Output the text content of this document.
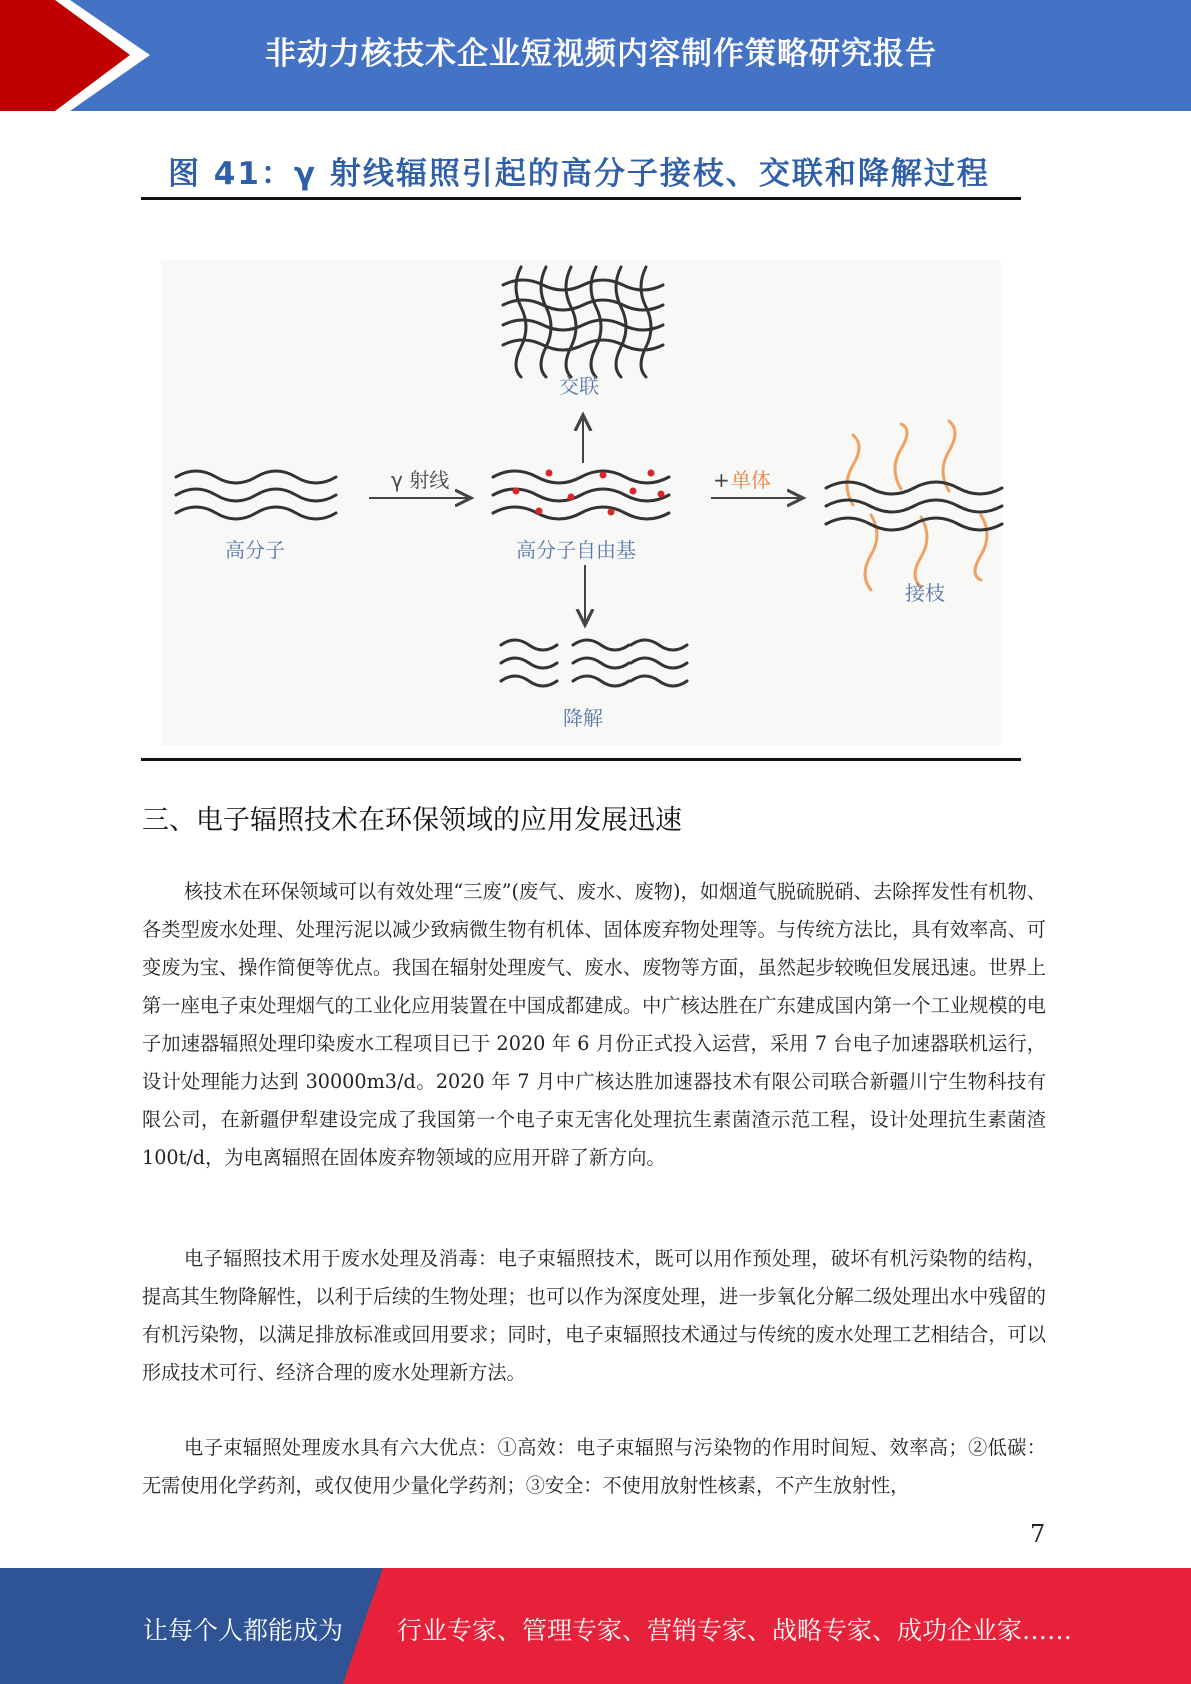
非动力核技术企业短视频内容制作策略研究报告
图 41：γ 射线辐照引起的高分子接枝、交联和降解过程
高分子
γ 射线
高分子自由基
交联
降解
+ 单体
接枝
三、电子辐照技术在环保领域的应用发展迅速

核技术在环保领域可以有效处理“三废”(废气、废水、废物)，如烟道气脱硫脱硝、去除挥发性有机物、各类型废水处理、处理污泥以减少致病微生物有机体、固体废弃物处理等。与传统方法比，具有效率高、可变废为宝、操作简便等优点。我国在辐射处理废气、废水、废物等方面，虽然起步较晚但发展迅速。世界上第一座电子束处理烟气的工业化应用装置在中国成都建成。中广核达胜在广东建成国内第一个工业规模的电子加速器辐照处理印染废水工程项目已于 2020 年 6 月份正式投入运营，采用 7 台电子加速器联机运行，设计处理能力达到 30000m3/d。2020 年 7 月中广核达胜加速器技术有限公司联合新疆川宁生物科技有限公司，在新疆伊犁建设完成了我国第一个电子束无害化处理抗生素菌渣示范工程，设计处理抗生素菌渣 100t/d，为电离辐照在固体废弃物领域的应用开辟了新方向。

电子辐照技术用于废水处理及消毒：电子束辐照技术，既可以用作预处理，破坏有机污染物的结构，提高其生物降解性，以利于后续的生物处理；也可以作为深度处理，进一步氧化分解二级处理出水中残留的有机污染物，以满足排放标准或回用要求；同时，电子束辐照技术通过与传统的废水处理工艺相结合，可以形成技术可行、经济合理的废水处理新方法。

电子束辐照处理废水具有六大优点：①高效：电子束辐照与污染物的作用时间短、效率高；②低碳：无需使用化学药剂，或仅使用少量化学药剂；③安全：不使用放射性核素，不产生放射性，

7
让每个人都能成为 行业专家、管理专家、营销专家、战略专家、成功企业家……
